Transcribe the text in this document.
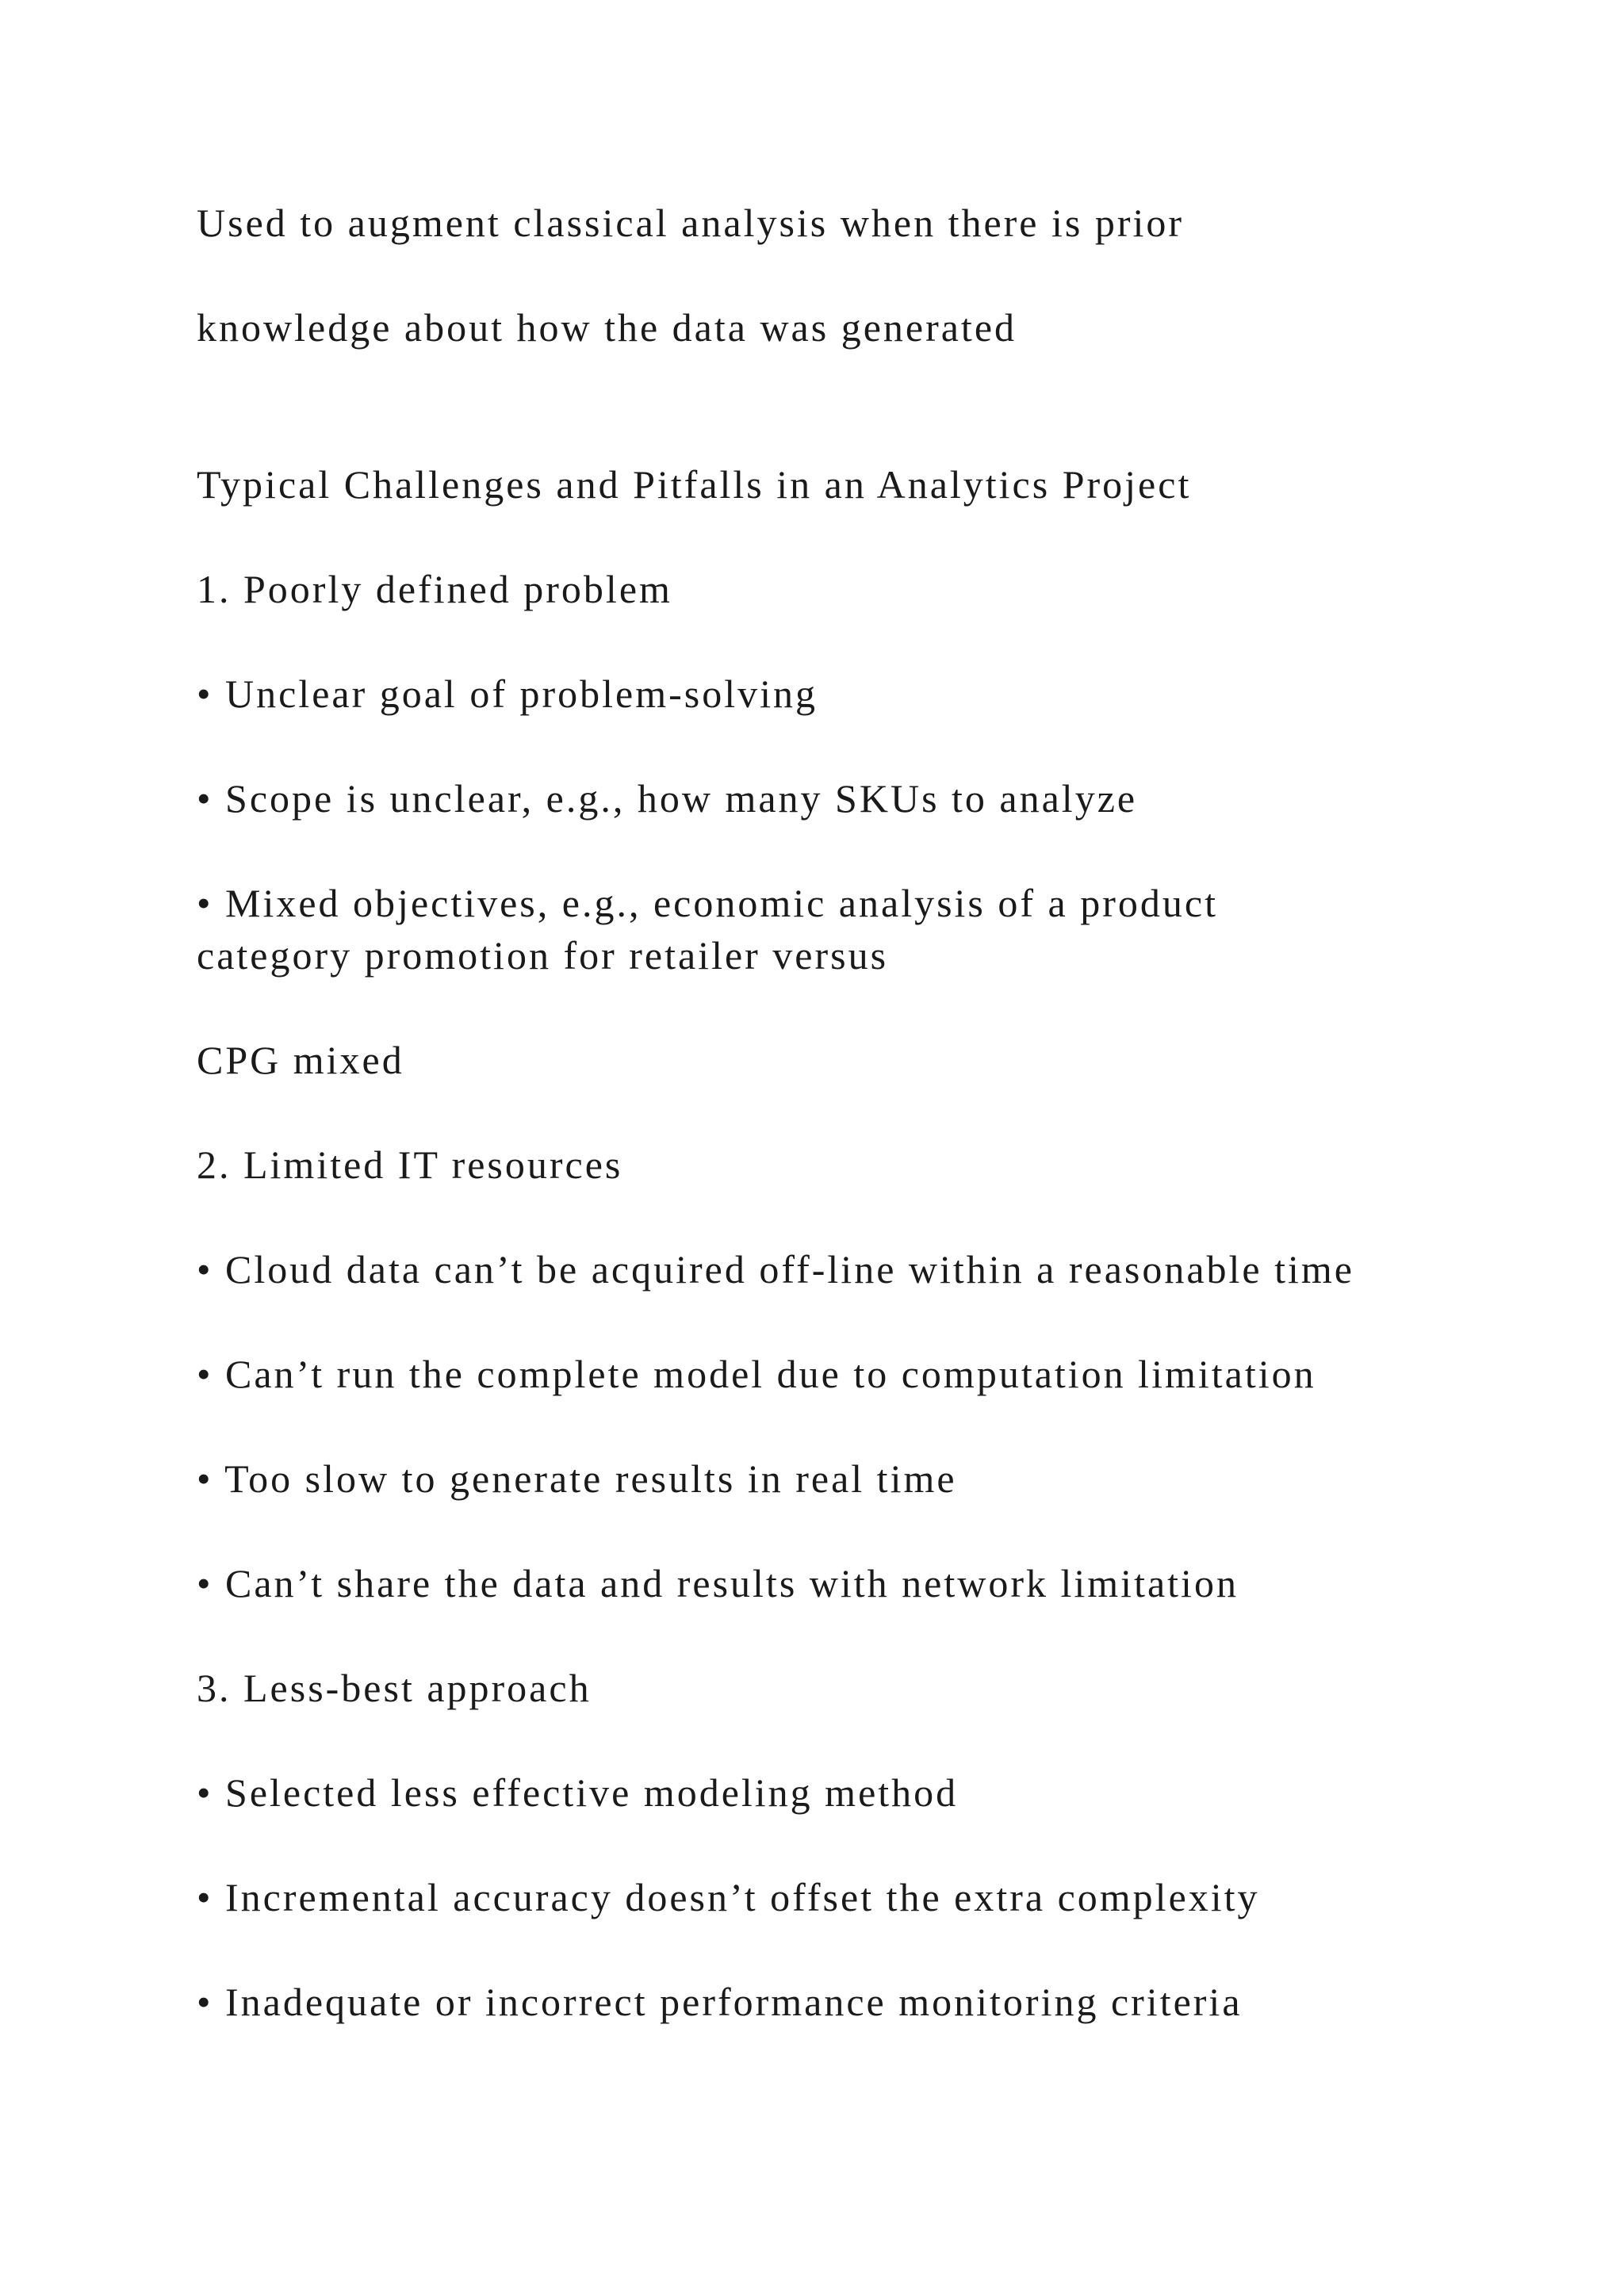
Used to augment classical analysis when there is prior

knowledge about how the data was generated

Typical Challenges and Pitfalls in an Analytics Project

1. Poorly defined problem

• Unclear goal of problem-solving

• Scope is unclear, e.g., how many SKUs to analyze

• Mixed objectives, e.g., economic analysis of a product

category promotion for retailer versus

CPG mixed

2. Limited IT resources

• Cloud data can’t be acquired off-line within a reasonable time

• Can’t run the complete model due to computation limitation

• Too slow to generate results in real time

• Can’t share the data and results with network limitation

3. Less-best approach

• Selected less effective modeling method

• Incremental accuracy doesn’t offset the extra complexity

• Inadequate or incorrect performance monitoring criteria
